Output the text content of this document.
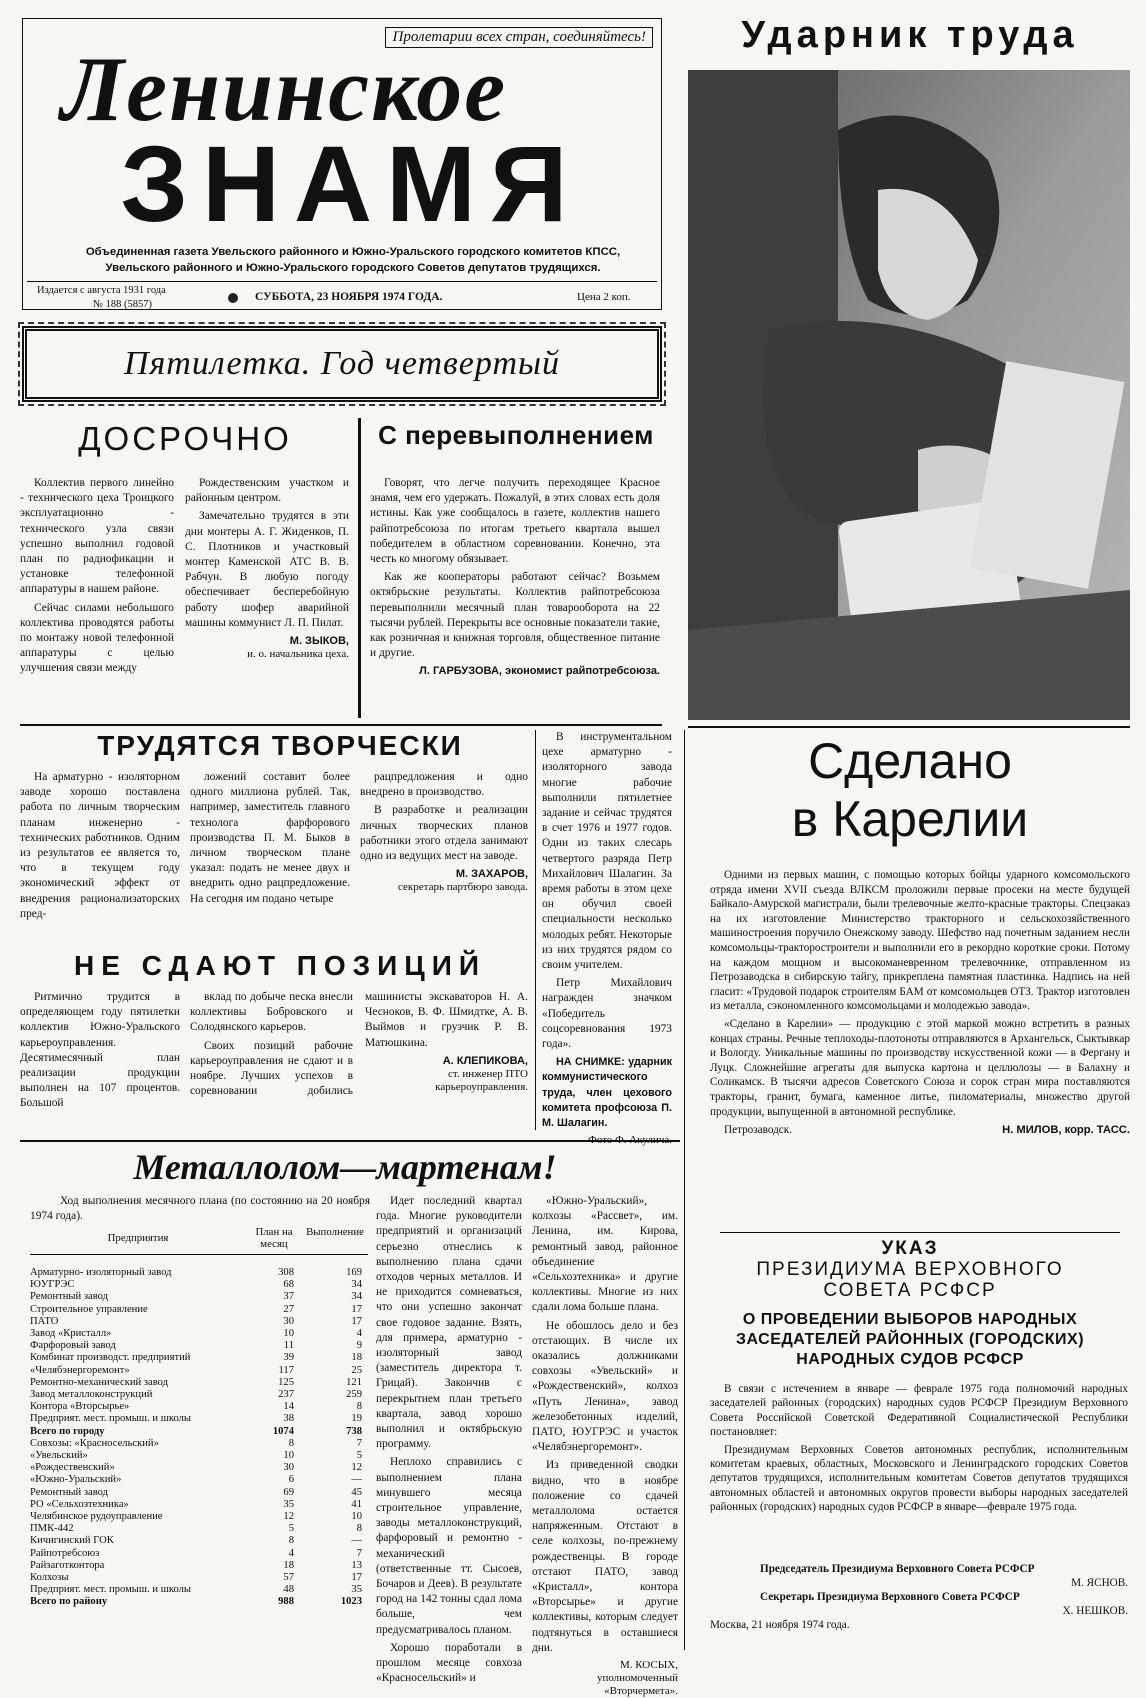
Пролетарии всех стран, соединяйтесь!
Ленинское
ЗНАМЯ
Объединенная газета Увельского районного и Южно-Уральского городского комитетов КПСС,
Увельского районного и Южно-Уральского городского Советов депутатов трудящихся.
Издается с августа 1931 года
№ 188 (5857)
СУББОТА, 23 НОЯБРЯ 1974 ГОДА.	Цена 2 коп.
Пятилетка. Год четвертый
ДОСРОЧНО

Коллектив первого линейно - технического цеха Троицкого эксплуатационно - технического узла связи успешно выполнил годовой план по радиофикации и установке телефонной аппаратуры в нашем районе.

Сейчас силами небольшого коллектива проводятся работы по монтажу новой телефонной аппаратуры с целью улучшения связи между

Рождественским участком и районным центром.

Замечательно трудятся в эти дни монтеры А. Г. Жиденков, П. С. Плотников и участковый монтер Каменской АТС В. В. Рабчун. В любую погоду обеспечивает бесперебойную работу шофер аварийной машины коммунист Л. П. Пилат.

М. ЗЫКОВ,
и. о. начальника цеха.
С перевыполнением

Говорят, что легче получить переходящее Красное знамя, чем его удержать. Пожалуй, в этих словах есть доля истины. Как уже сообщалось в газете, коллектив нашего райпотребсоюза по итогам третьего квартала вышел победителем в областном соревновании. Конечно, эта честь ко многому обязывает.

Как же кооператоры работают сейчас? Возьмем октябрьские результаты. Коллектив райпотребсоюза перевыполнили месячный план товарооборота на 22 тысячи рублей. Перекрыты все основные показатели такие, как розничная и книжная торговля, общественное питание и другие.

Л. ГАРБУЗОВА, экономист райпотребсоюза.
ТРУДЯТСЯ ТВОРЧЕСКИ

На арматурно - изоляторном заводе хорошо поставлена работа по личным творческим планам инженерно - технических работников. Одним из результатов ее является то, что в текущем году экономический эффект от внедрения рационализаторских пред-

ложений составит более одного миллиона рублей. Так, например, заместитель главного технолога фарфорового производства П. М. Быков в личном творческом плане указал: подать не менее двух и внедрить одно рацпредложение. На сегодня им подано четыре

рацпредложения и одно внедрено в производство.

В разработке и реализации личных творческих планов работники этого отдела занимают одно из ведущих мест на заводе.

М. ЗАХАРОВ,
секретарь партбюро завода.
НЕ СДАЮТ ПОЗИЦИЙ

Ритмично трудится в определяющем году пятилетки коллектив Южно-Уральского карьероуправления. Десятимесячный план реализации продукции выполнен на 107 процентов. Большой

вклад по добыче песка внесли коллективы Бобровского и Солодянского карьеров.

Своих позиций рабочие карьероуправления не сдают и в ноябре. Лучших успехов в соревновании добились машинисты экскаваторов Н. А. Чесноков, В. Ф. Шмидтке, А. В. Выймов и грузчик Р. В. Матюшкина.

А. КЛЕПИКОВА,
ст. инженер ПТО карьероуправления.

В инструментальном цехе арматурно - изоляторного завода многие рабочие выполнили пятилетнее задание и сейчас трудятся в счет 1976 и 1977 годов. Одни из таких слесарь четвертого разряда Петр Михайлович Шалагин. За время работы в этом цехе он обучил своей специальности несколько молодых ребят. Некоторые из них трудятся рядом со своим учителем.

Петр Михайлович награжден значком «Победитель соцсоревнования 1973 года».

НА СНИМКЕ: ударник коммунистического труда, член цехового комитета профсоюза П. М. Шалагин.

Ударник труда
Металлолом—мартенам!
Ход выполнения месячного плана (по состоянию на 20 ноября 1974 года).
Предприятия	План на месяц
Выполнение
Арматурно- изоляторный завод	308	169
ЮУГРЭС	68	34
Ремонтный завод	37	34
Строительное управление	27	17
ПАТО	30	17
Завод «Кристалл»	10	4
Фарфоровый завод	11	9
Комбинат производст. предприятий	39	18
«Челябэнергоремонт»	117	25
Ремонтно-механический завод	125	121
Завод металлоконструкций	237	259
Контора «Вторсырье»	14	8
Предприят. мест. промыш. и школы	38	19
Всего по городу	1074	738
Совхозы: «Красносельский»	8	7
«Увельский»	10	5
«Рождественский»	30	12
«Южно-Уральский»	6	—
Ремонтный завод	69	45
РО «Сельхозтехника»	35	41
Челябинское рудоуправление	12	10
ПМК-442	5	8
Кичигинский ГОК	8	—
Райпотребсоюз	4	7
Райзаготконтора	18	13
Колхозы	57	17
Предприят. мест. промыш. и школы	48	35
Всего по району	988	1023

Идет последний квартал года. Многие руководители предприятий и организаций серьезно отнеслись к выполнению плана сдачи отходов черных металлов. И не приходится сомневаться, что они успешно закончат свое годовое задание. Взять, для примера, арматурно - изоляторный завод (заместитель директора т. Грицай). Закончив с перекрытием план третьего квартала, завод хорошо выполнил и октябрьскую программу.

Неплохо справились с выполнением плана минувшего месяца строительное управление, заводы металлоконструкций, фарфоровый и ремонтно - механический (ответственные тт. Сысоев, Бочаров и Деев). В результате город на 142 тонны сдал лома больше, чем предусматривалось планом.

Хорошо поработали в прошлом месяце совхоза «Красносельский» и

«Южно-Уральский», колхозы «Рассвет», им. Ленина, им. Кирова, ремонтный завод, районное объединение «Сельхозтехника» и другие коллективы. Многие из них сдали лома больше плана.

Не обошлось дело и без отстающих. В числе их оказались должниками совхозы «Увельский» и «Рождественский», колхоз «Путь Ленина», завод железобетонных изделий, ПАТО, ЮУГРЭС и участок «Челябэнергоремонт».

Из приведенной сводки видно, что в ноябре положение со сдачей металлолома остается напряженным. Отстают в селе колхозы, по-прежнему рождественцы. В городе отстают ПАТО, завод «Кристалл», контора «Вторсырье» и другие коллективы, которым следует подтянуться в оставшиеся дни.

М. КОСЫХ,
уполномоченный «Вторчермета».
Сделано
в Карелии

Одними из первых машин, с помощью которых бойцы ударного комсомольского отряда имени XVII съезда ВЛКСМ проложили первые просеки на месте будущей Байкало-Амурской магистрали, были трелевочные желто-красные тракторы. Спецзаказ на их изготовление Министерство тракторного и сельскохозяйственного машиностроения поручило Онежскому заводу. Шефство над почетным заданием несли комсомольцы-тракторостроители и выполнили его в рекордно короткие сроки. Потому на каждом мощном и высокоманевренном трелевочнике, отправленном из Петрозаводска в сибирскую тайгу, прикреплена памятная пластинка. Надпись на ней гласит: «Трудовой подарок строителям БАМ от комсомольцев ОТЗ. Трактор изготовлен из металла, сэкономленного комсомольцами и молодежью завода».

«Сделано в Карелии» — продукцию с этой маркой можно встретить в разных концах страны. Речные теплоходы-плотоноты отправляются в Архангельск, Сыктывкар и Вологду. Уникальные машины по производству искусственной кожи — в Фергану и Луцк. Сложнейшие агрегаты для выпуска картона и целлюлозы — в Балахну и Соликамск. В тысячи адресов Советского Союза и сорок стран мира поставляются тракторы, гранит, бумага, каменное литье, пиломатериалы, множество другой продукции, выпущенной в автономной республике.

Петрозаводск.	Н. МИЛОВ, корр. ТАСС.
УКАЗ
ПРЕЗИДИУМА ВЕРХОВНОГО
СОВЕТА РСФСР
О ПРОВЕДЕНИИ ВЫБОРОВ НАРОДНЫХ
ЗАСЕДАТЕЛЕЙ РАЙОННЫХ (ГОРОДСКИХ)
НАРОДНЫХ СУДОВ РСФСР

В связи с истечением в январе — феврале 1975 года полномочий народных заседателей районных (городских) народных судов РСФСР Президиум Верховного Совета Российской Советской Федеративной Социалистической Республики постановляет:

Президиумам Верховных Советов автономных республик, исполнительным комитетам краевых, областных, Московского и Ленинградского городских Советов депутатов трудящихся, исполнительным комитетам Советов депутатов трудящихся автономных областей и автономных округов провести выборы народных заседателей районных (городских) народных судов РСФСР в январе—феврале 1975 года.

Председатель Президиума Верховного Совета РСФСР
М. ЯСНОВ.
Секретарь Президиума Верховного Совета РСФСР
Х. НЕШКОВ.
Москва, 21 ноября 1974 года.
